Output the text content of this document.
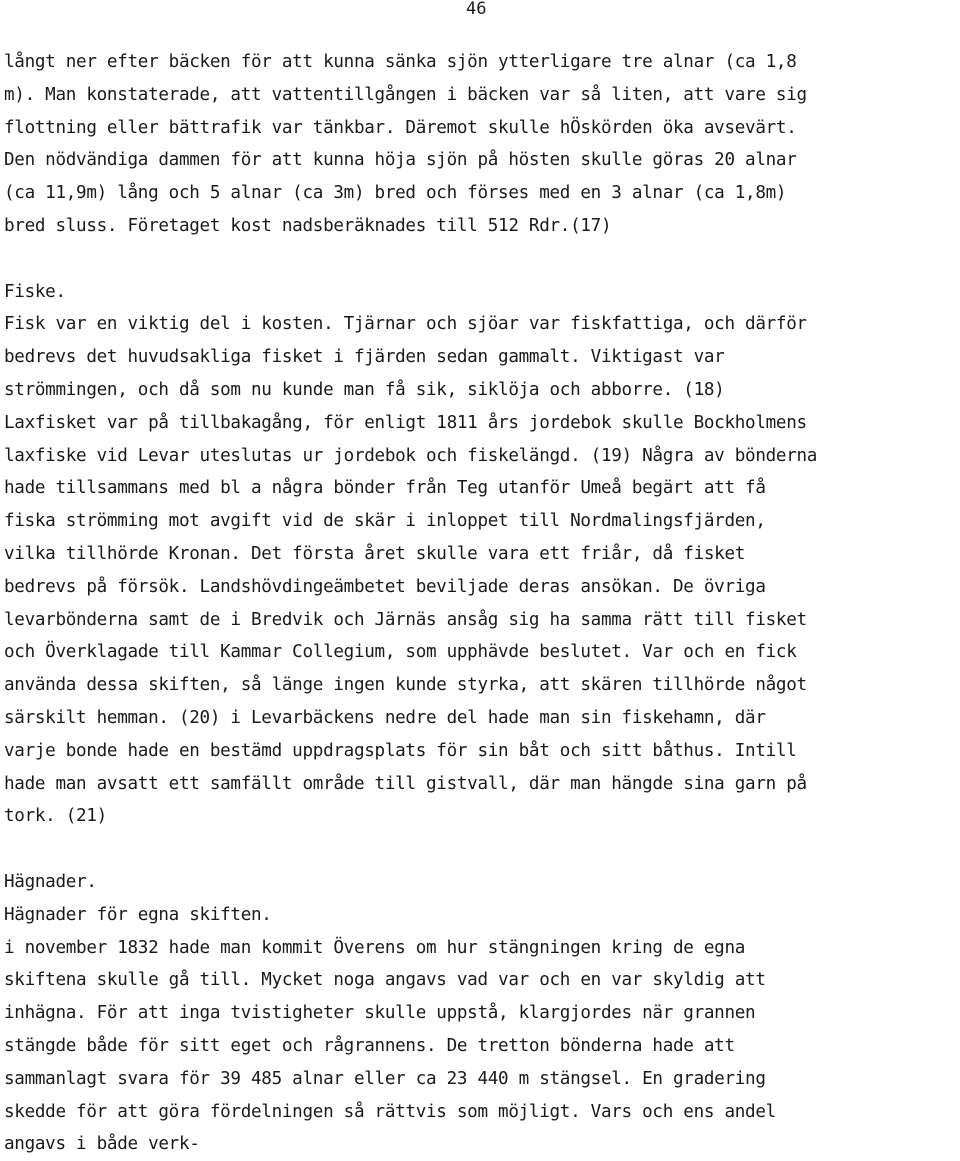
46
långt ner efter bäcken för att kunna sänka sjön ytterligare tre alnar (ca 1,8
m). Man konstaterade, att vattentillgången i bäcken var så liten, att vare sig
flottning eller bättrafik var tänkbar. Däremot skulle hÖskörden öka avsevärt.
Den nödvändiga dammen för att kunna höja sjön på hösten skulle göras 20 alnar
(ca 11,9m) lång och 5 alnar (ca 3m) bred och förses med en 3 alnar (ca 1,8m)
bred sluss. Företaget kost nadsberäknades till 512 Rdr.(17)
Fiske.
Fisk var en viktig del i kosten. Tjärnar och sjöar var fiskfattiga, och därför
bedrevs det huvudsakliga fisket i fjärden sedan gammalt. Viktigast var
strömmingen, och då som nu kunde man få sik, siklöja och abborre. (18)
Laxfisket var på tillbakagång, för enligt 1811 års jordebok skulle Bockholmens
laxfiske vid Levar uteslutas ur jordebok och fiskelängd. (19) Några av bönderna
hade tillsammans med bl a några bönder från Teg utanför Umeå begärt att få
fiska strömming mot avgift vid de skär i inloppet till Nordmalingsfjärden,
vilka tillhörde Kronan. Det första året skulle vara ett friår, då fisket
bedrevs på försök. Landshövdingeämbetet beviljade deras ansökan. De övriga
levarbönderna samt de i Bredvik och Järnäs ansåg sig ha samma rätt till fisket
och Överklagade till Kammar Collegium, som upphävde beslutet. Var och en fick
använda dessa skiften, så länge ingen kunde styrka, att skären tillhörde något
särskilt hemman. (20) i Levarbäckens nedre del hade man sin fiskehamn, där
varje bonde hade en bestämd uppdragsplats för sin båt och sitt båthus. Intill
hade man avsatt ett samfällt område till gistvall, där man hängde sina garn på
tork. (21)
Hägnader.
Hägnader för egna skiften.
i november 1832 hade man kommit Överens om hur stängningen kring de egna
skiftena skulle gå till. Mycket noga angavs vad var och en var skyldig att
inhägna. För att inga tvistigheter skulle uppstå, klargjordes när grannen
stängde både för sitt eget och rågrannens. De tretton bönderna hade att
sammanlagt svara för 39 485 alnar eller ca 23 440 m stängsel. En gradering
skedde för att göra fördelningen så rättvis som möjligt. Vars och ens andel
angavs i både verk-
